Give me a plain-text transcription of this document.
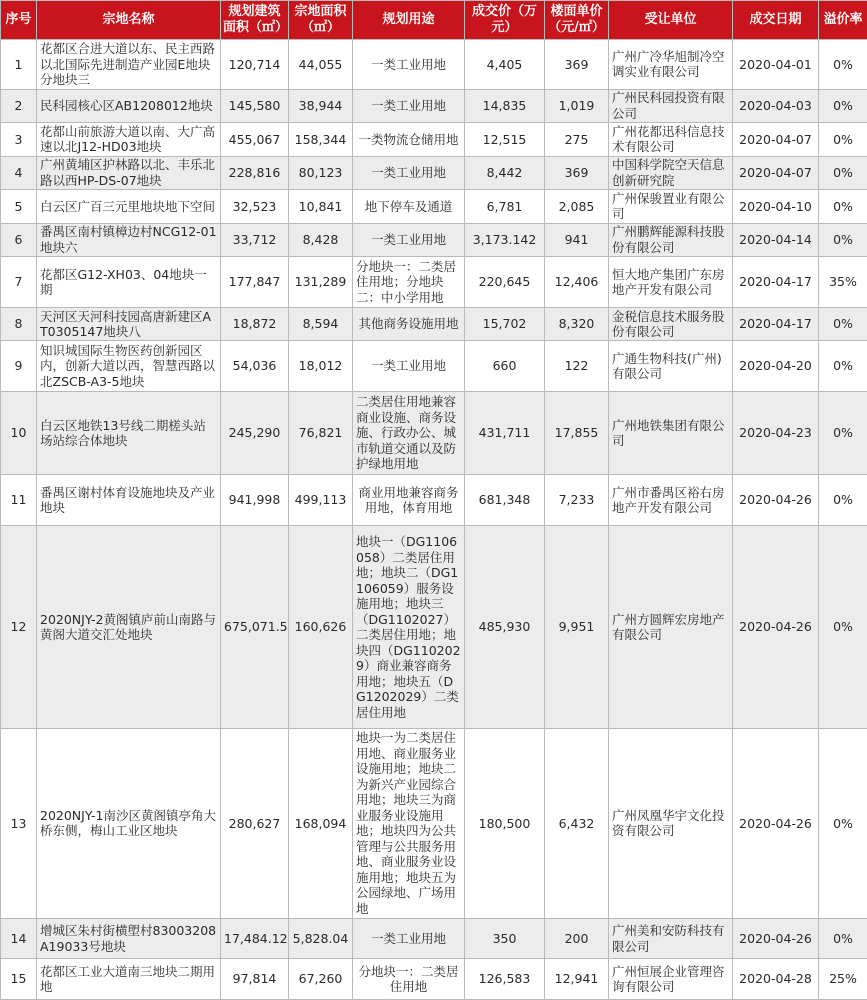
序号	宗地名称	规划建筑面积（㎡）	宗地面积（㎡）	规划用途	成交价（万元）	楼面单价（元/㎡）	受让单位	成交日期	溢价率
1	花都区合进大道以东、民主西路以北国际先进制造产业园E地块分地块三	120,714	44,055	一类工业用地	4,405	369	广州广冷华旭制冷空调实业有限公司	2020-04-01	0%
2	民科园核心区AB1208012地块	145,580	38,944	一类工业用地	14,835	1,019	广州民科园投资有限公司	2020-04-03	0%
3	花都山前旅游大道以南、大广高速以北J12-HD03地块	455,067	158,344	一类物流仓储用地	12,515	275	广州花都迅科信息技术有限公司	2020-04-07	0%
4	广州黄埔区护林路以北、丰乐北路以西HP-DS-07地块	228,816	80,123	一类工业用地	8,442	369	中国科学院空天信息创新研究院	2020-04-07	0%
5	白云区广百三元里地块地下空间	32,523	10,841	地下停车及通道	6,781	2,085	广州保骏置业有限公司	2020-04-10	0%
6	番禺区南村镇樟边村NCG12-01地块六	33,712	8,428	一类工业用地	3,173.142	941	广州鹏辉能源科技股份有限公司	2020-04-14	0%
7	花都区G12-XH03、04地块一期	177,847	131,289	分地块一：二类居住用地；分地块二：中小学用地	220,645	12,406	恒大地产集团广东房地产开发有限公司	2020-04-17	35%
8	天河区天河科技园高唐新建区AT0305147地块八	18,872	8,594	其他商务设施用地	15,702	8,320	金税信息技术服务股份有限公司	2020-04-17	0%
9	知识城国际生物医药创新园区内，创新大道以西，智慧西路以北ZSCB-A3-5地块	54,036	18,012	一类工业用地	660	122	广通生物科技(广州)有限公司	2020-04-20	0%
10	白云区地铁13号线二期槎头站场站综合体地块	245,290	76,821	二类居住用地兼容商业设施、商务设施、行政办公、城市轨道交通以及防护绿地用地	431,711	17,855	广州地铁集团有限公司	2020-04-23	0%
11	番禺区谢村体育设施地块及产业地块	941,998	499,113	商业用地兼容商务用地，体育用地	681,348	7,233	广州市番禺区裕右房地产开发有限公司	2020-04-26	0%
12	2020NJY-2黄阁镇庐前山南路与黄阁大道交汇处地块	675,071.5	160,626	地块一（DG1106058）二类居住用地；地块二（DG1106059）服务设施用地；地块三（DG1102027）二类居住用地；地块四（DG1102029）商业兼容商务用地；地块五（DG1202029）二类居住用地	485,930	9,951	广州方圆辉宏房地产有限公司	2020-04-26	0%
13	2020NJY-1南沙区黄阁镇亭角大桥东侧，梅山工业区地块	280,627	168,094	地块一为二类居住用地、商业服务业设施用地；地块二为新兴产业园综合用地；地块三为商业服务业设施用地；地块四为公共管理与公共服务用地、商业服务业设施用地；地块五为公园绿地、广场用地	180,500	6,432	广州凤凰华宇文化投资有限公司	2020-04-26	0%
14	增城区朱村街横塱村83003208A19033号地块	17,484.12	5,828.04	一类工业用地	350	200	广州美和安防科技有限公司	2020-04-26	0%
15	花都区工业大道南三地块二期用地	97,814	67,260	分地块一：二类居住用地	126,583	12,941	广州恒展企业管理咨询有限公司	2020-04-28	25%
